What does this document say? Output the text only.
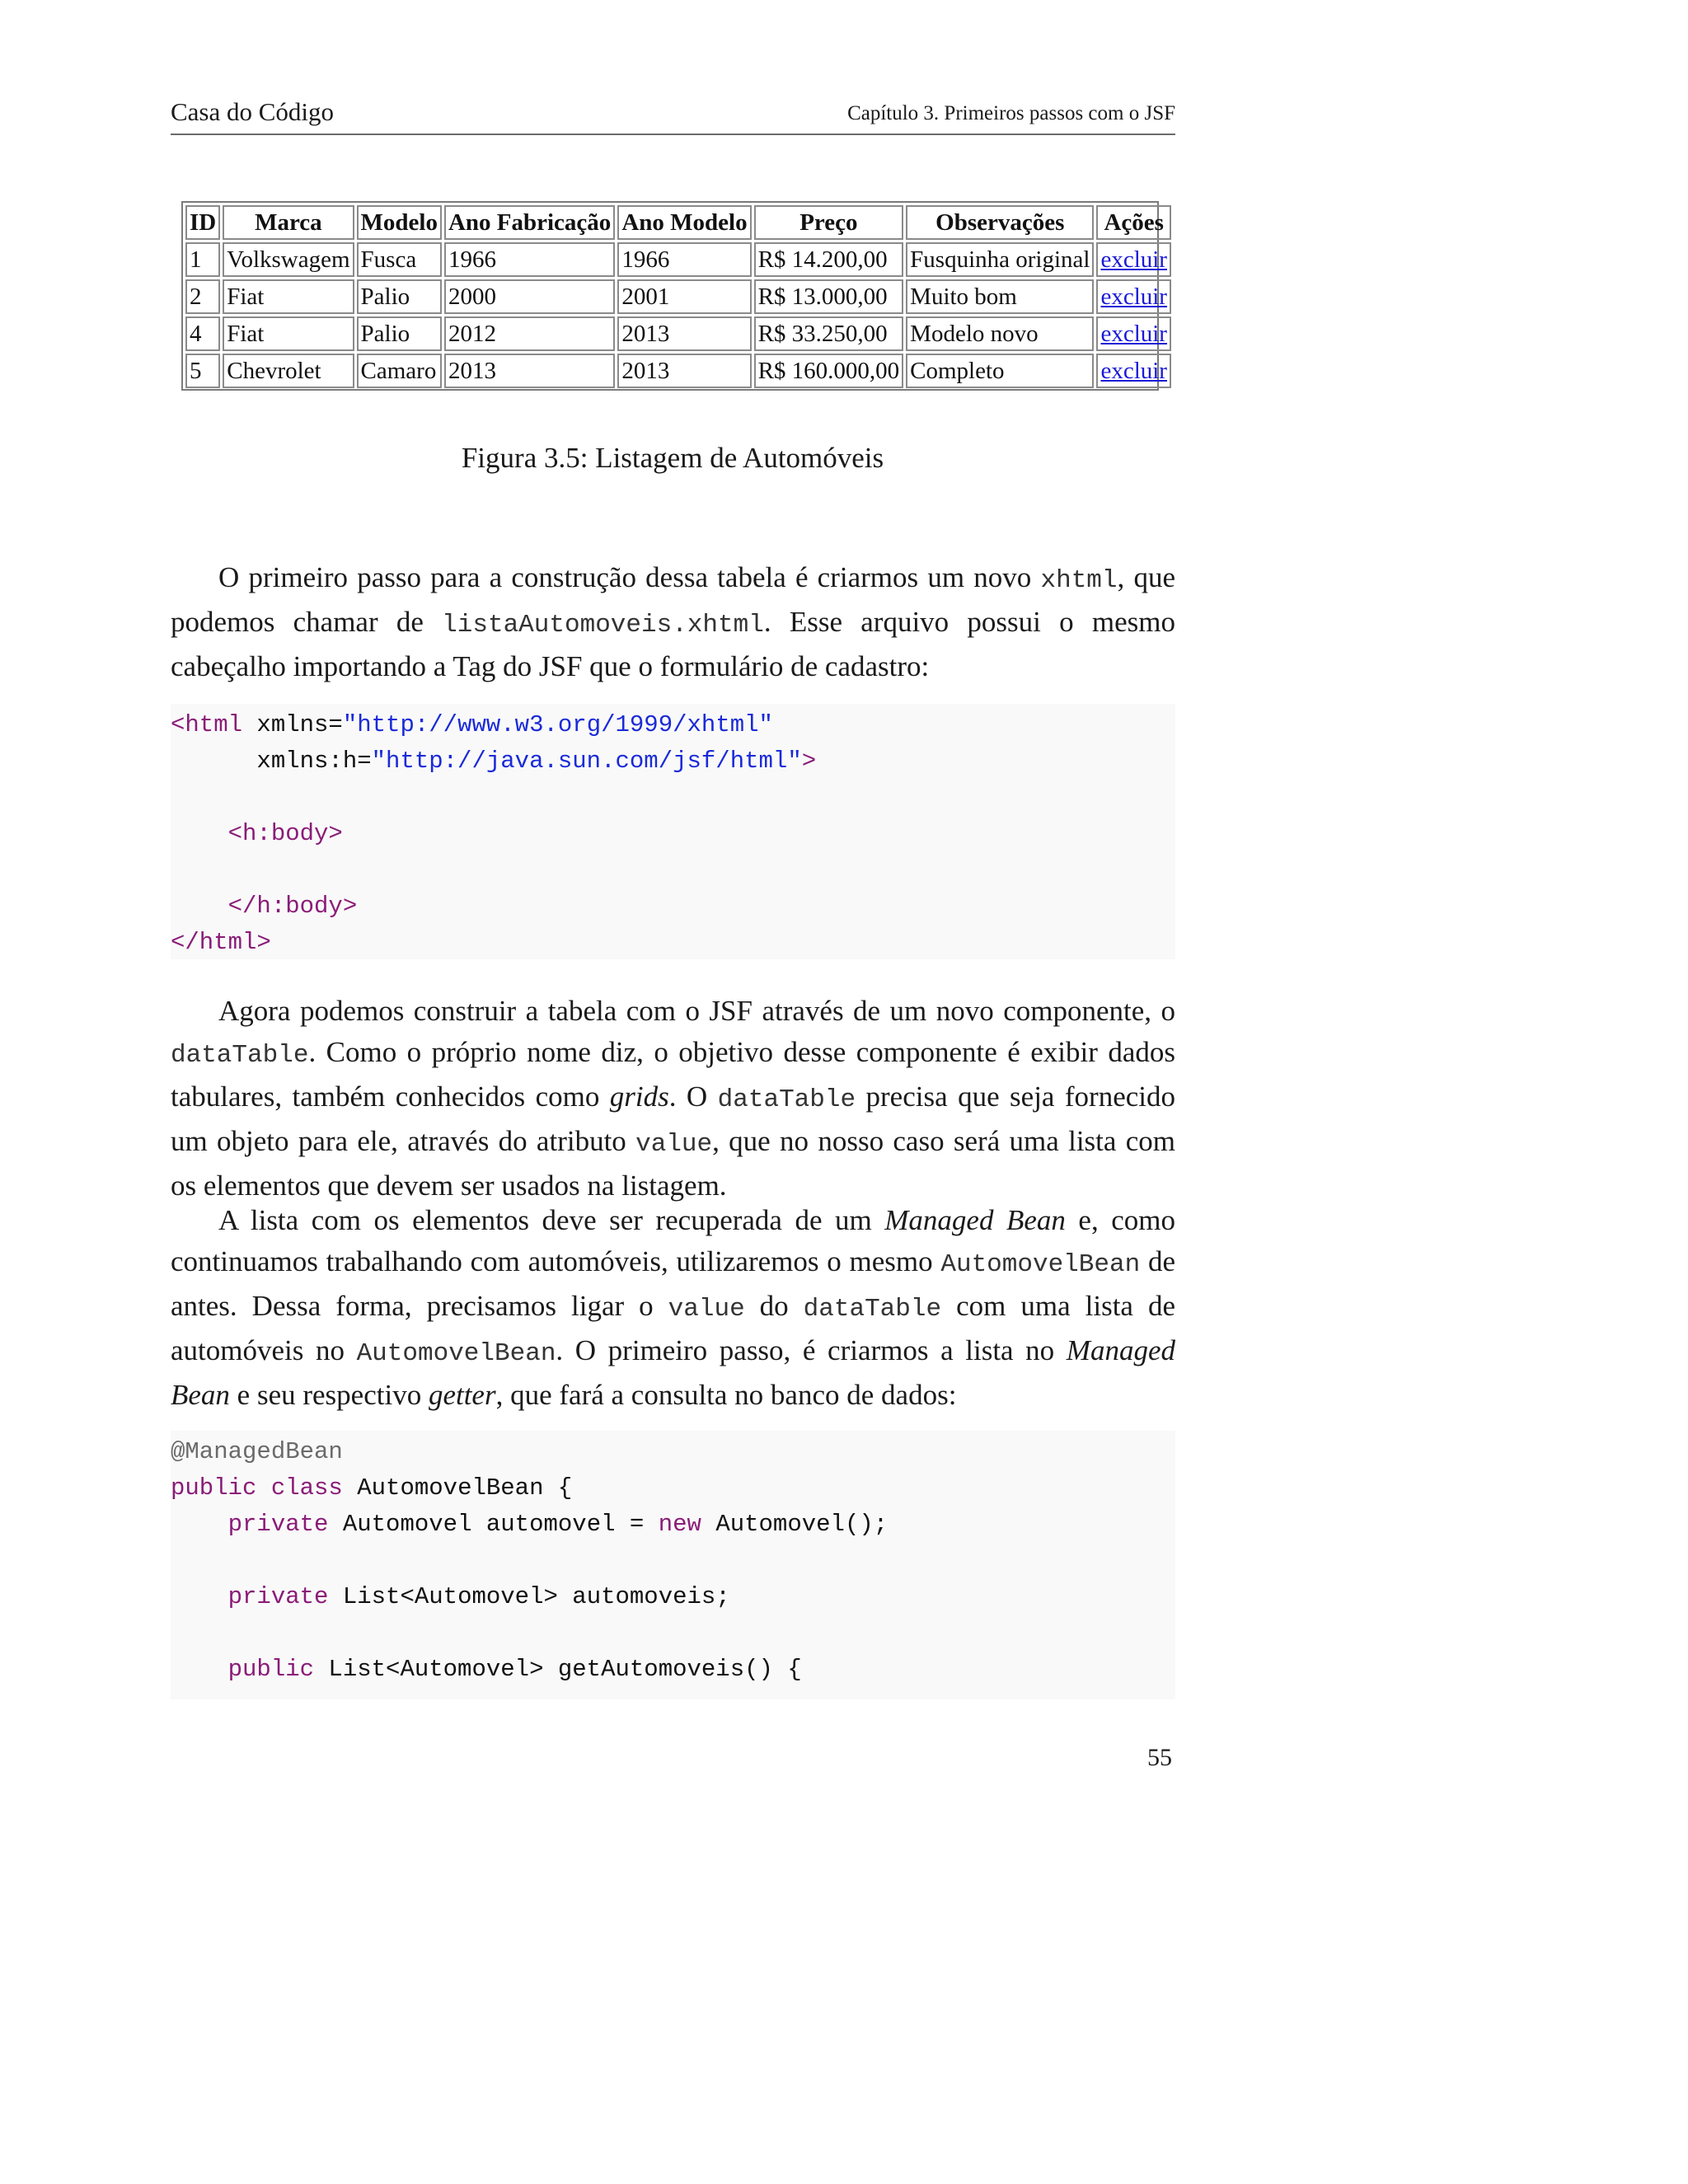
Casa do Código	Capítulo 3. Primeiros passos com o JSF
ID	Marca	Modelo	Ano Fabricação	Ano Modelo	Preço	Observações	Ações
1	Volkswagem	Fusca	1966	1966	R$ 14.200,00	Fusquinha original	excluir
2	Fiat	Palio	2000	2001	R$ 13.000,00	Muito bom	excluir
4	Fiat	Palio	2012	2013	R$ 33.250,00	Modelo novo	excluir
5	Chevrolet	Camaro	2013	2013	R$ 160.000,00	Completo	excluir
Figura 3.5: Listagem de Automóveis

O primeiro passo para a construção dessa tabela é criarmos um novo xhtml, que podemos chamar de listaAutomoveis.xhtml. Esse arquivo possui o mesmo cabeçalho importando a Tag do JSF que o formulário de cadastro:

<html xmlns="http://www.w3.org/1999/xhtml"
xmlns:h="http://java.sun.com/jsf/html">

<h:body>

</h:body>
</html>

Agora podemos construir a tabela com o JSF através de um novo componente, o dataTable. Como o próprio nome diz, o objetivo desse componente é exibir dados tabulares, também conhecidos como grids. O dataTable precisa que seja fornecido um objeto para ele, através do atributo value, que no nosso caso será uma lista com os elementos que devem ser usados na listagem.

A lista com os elementos deve ser recuperada de um Managed Bean e, como continuamos trabalhando com automóveis, utilizaremos o mesmo AutomovelBean de antes. Dessa forma, precisamos ligar o value do dataTable com uma lista de automóveis no AutomovelBean. O primeiro passo, é criarmos a lista no Managed Bean e seu respectivo getter, que fará a consulta no banco de dados:

@ManagedBean
public class AutomovelBean {
private Automovel automovel = new Automovel();

private List<Automovel> automoveis;

public List<Automovel> getAutomoveis() {
55
